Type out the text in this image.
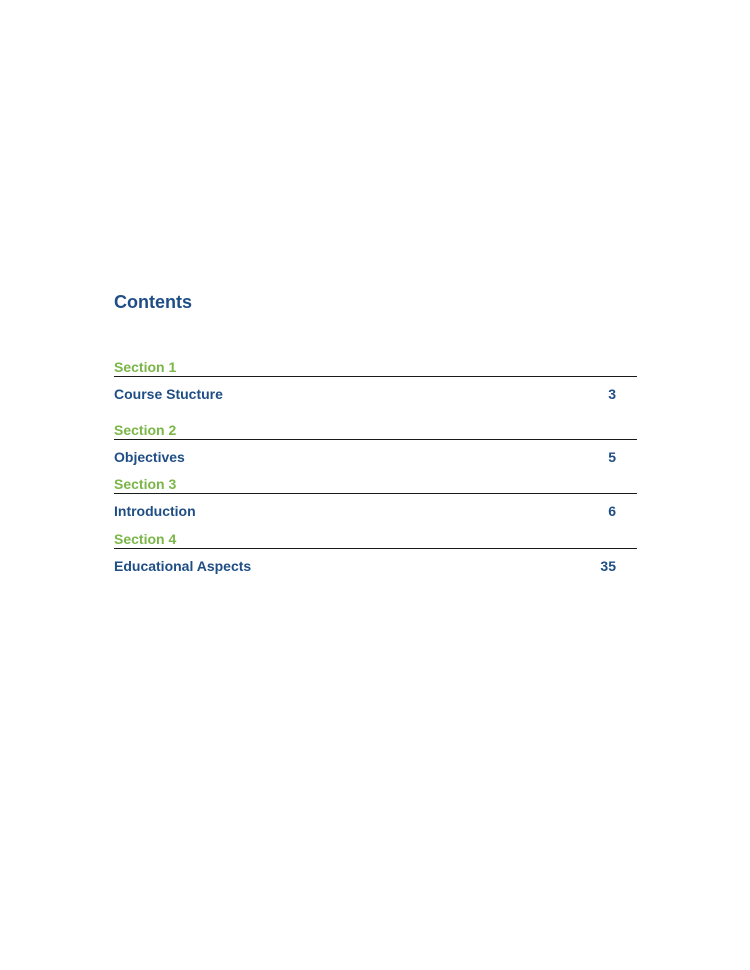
Contents
Section 1
Course Stucture	3
Section 2
Objectives	5
Section 3
Introduction	6
Section 4
Educational Aspects	35
